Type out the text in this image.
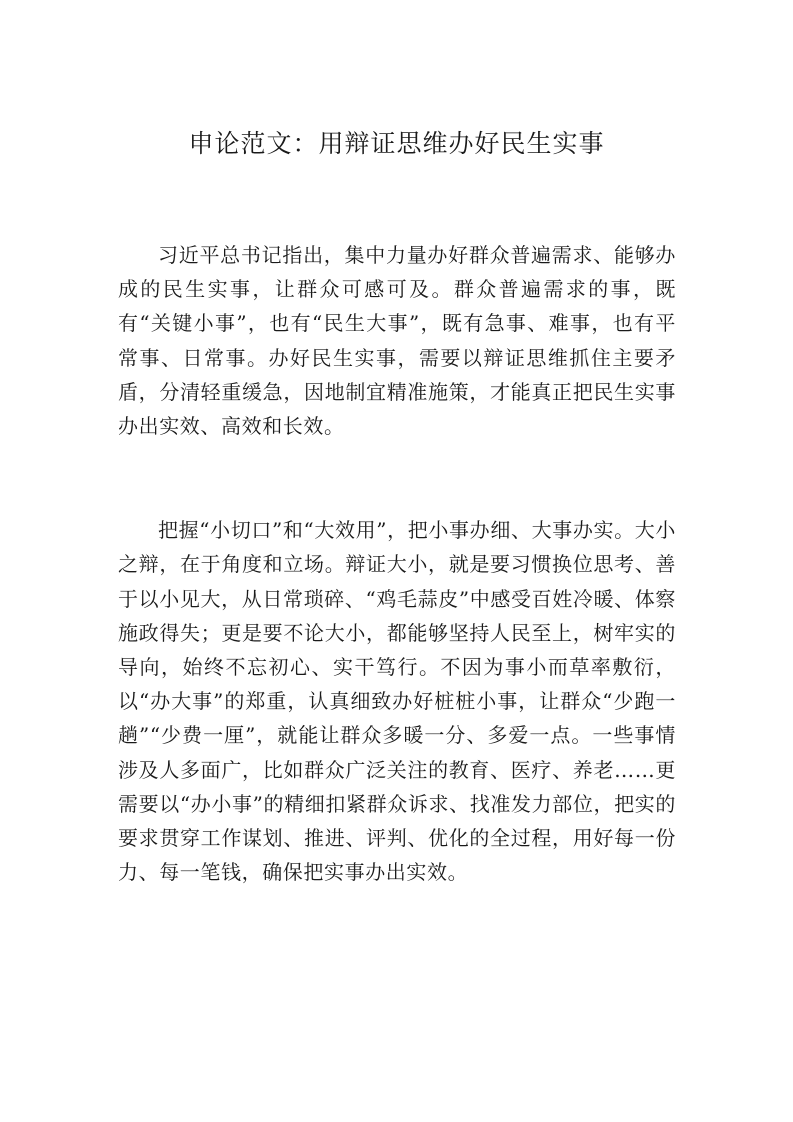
申论范文：用辩证思维办好民生实事

习近平总书记指出，集中力量办好群众普遍需求、能够办成的民生实事，让群众可感可及。群众普遍需求的事，既有“关键小事”，也有“民生大事”，既有急事、难事，也有平常事、日常事。办好民生实事，需要以辩证思维抓住主要矛盾，分清轻重缓急，因地制宜精准施策，才能真正把民生实事办出实效、高效和长效。

把握“小切口”和“大效用”，把小事办细、大事办实。大小之辩，在于角度和立场。辩证大小，就是要习惯换位思考、善于以小见大，从日常琐碎、“鸡毛蒜皮”中感受百姓冷暖、体察施政得失；更是要不论大小，都能够坚持人民至上，树牢实的导向，始终不忘初心、实干笃行。不因为事小而草率敷衍，以“办大事”的郑重，认真细致办好桩桩小事，让群众“少跑一趟”“少费一厘”，就能让群众多暖一分、多爱一点。一些事情涉及人多面广，比如群众广泛关注的教育、医疗、养老……更需要以“办小事”的精细扣紧群众诉求、找准发力部位，把实的要求贯穿工作谋划、推进、评判、优化的全过程，用好每一份力、每一笔钱，确保把实事办出实效。
